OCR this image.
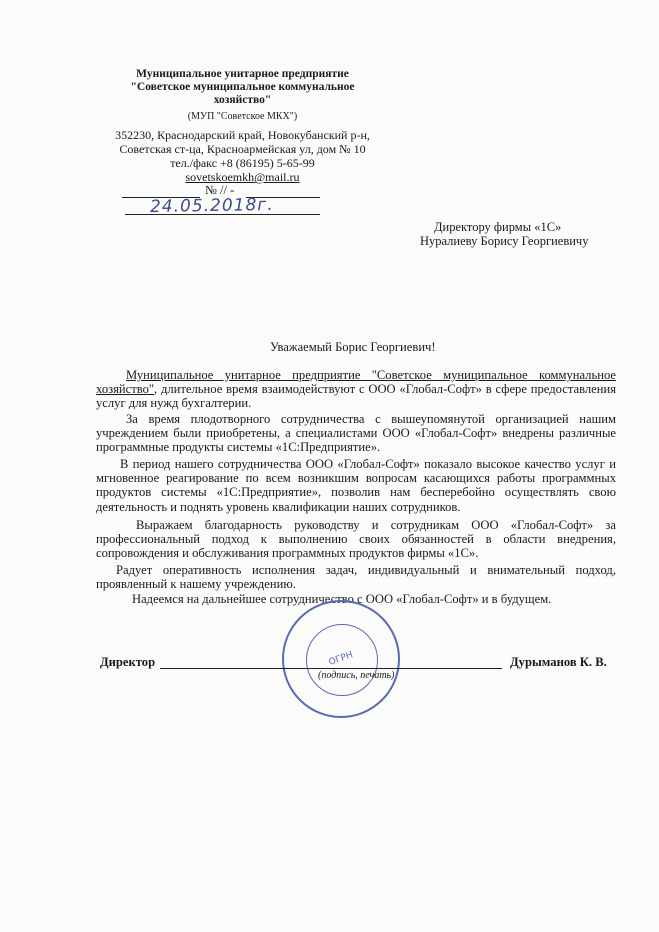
Муниципальное унитарное предприятие
"Советское муниципальное коммунальное
хозяйство"
(МУП "Советское МКХ")
352230, Краснодарский край, Новокубанский р-н,
Советская ст-ца, Красноармейская ул, дом № 10
тел./факс +8 (86195) 5-65-99
sovetskoemkh@mail.ru
№ // -
24.05.2018г.
Директору фирмы «1С»
Нуралиеву Борису Георгиевичу
Уважаемый Борис Георгиевич!
Муниципальное унитарное предприятие "Советское муниципальное коммунальное хозяйство", длительное время взаимодействуют с ООО «Глобал-Софт» в сфере предоставления услуг для нужд бухгалтерии.
За время плодотворного сотрудничества с вышеупомянутой организацией нашим учреждением были приобретены, а специалистами ООО «Глобал-Софт» внедрены различные программные продукты системы «1С:Предприятие».
В период нашего сотрудничества ООО «Глобал-Софт» показало высокое качество услуг и мгновенное реагирование по всем возникшим вопросам касающихся работы программных продуктов системы «1С:Предприятие», позволив нам бесперебойно осуществлять свою деятельность и поднять уровень квалификации наших сотрудников.
Выражаем благодарность руководству и сотрудникам ООО «Глобал-Софт» за профессиональный подход к выполнению своих обязанностей в области внедрения, сопровождения и обслуживания программных продуктов фирмы «1С».
Радует оперативность исполнения задач, индивидуальный и внимательный подход, проявленный к нашему учреждению.
Надеемся на дальнейшее сотрудничество с ООО «Глобал-Софт» и в будущем.
ОГРН
Директор
(подпись, печать)
Дурыманов К. В.
